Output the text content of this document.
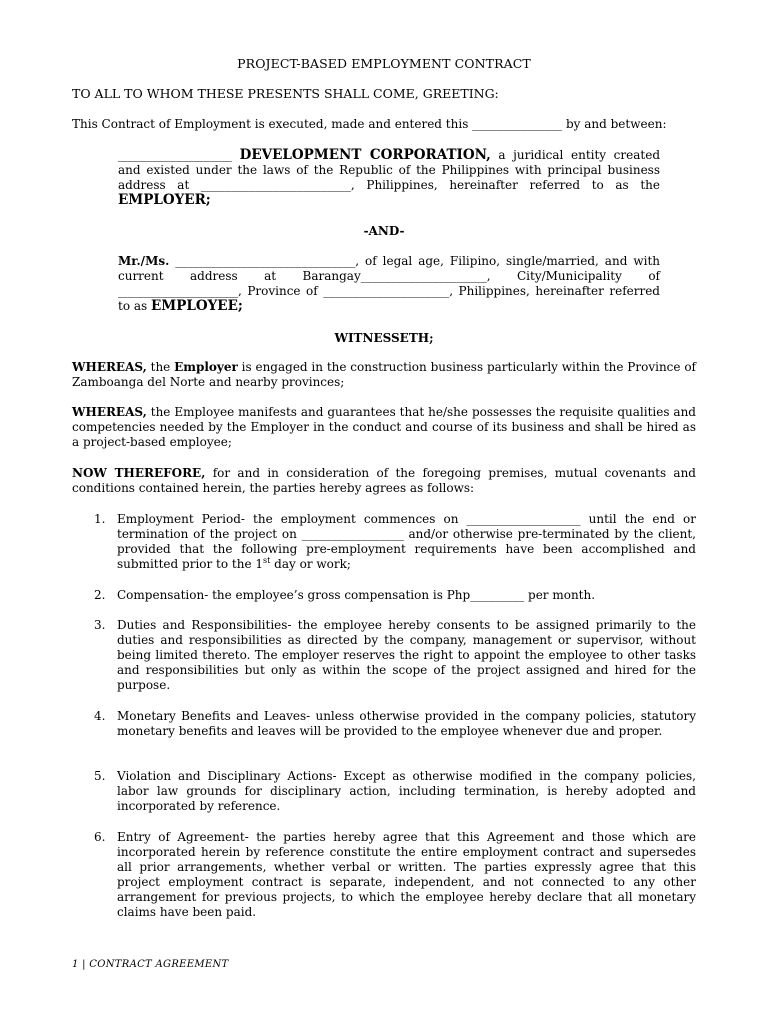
PROJECT-BASED EMPLOYMENT CONTRACT
TO ALL TO WHOM THESE PRESENTS SHALL COME, GREETING:
This Contract of Employment is executed, made and entered this _______________ by and between:
___________________ DEVELOPMENT CORPORATION, a juridical entity created and existed under the laws of the Republic of the Philippines with principal business address at _________________________, Philippines, hereinafter referred to as the EMPLOYER;
-AND-
Mr./Ms. ______________________________, of legal age, Filipino, single/married, and with current address at Barangay_____________________, City/Municipality of ____________________, Province of _____________________, Philippines, hereinafter referred to as EMPLOYEE;
WITNESSETH;
WHEREAS, the Employer is engaged in the construction business particularly within the Province of Zamboanga del Norte and nearby provinces;
WHEREAS, the Employee manifests and guarantees that he/she possesses the requisite qualities and competencies needed by the Employer in the conduct and course of its business and shall be hired as a project-based employee;
NOW THEREFORE, for and in consideration of the foregoing premises, mutual covenants and conditions contained herein, the parties hereby agrees as follows:
1. Employment Period- the employment commences on ___________________ until the end or termination of the project on _________________ and/or otherwise pre-terminated by the client, provided that the following pre-employment requirements have been accomplished and submitted prior to the 1st day or work;
2. Compensation- the employee’s gross compensation is Php_________ per month.
3. Duties and Responsibilities- the employee hereby consents to be assigned primarily to the duties and responsibilities as directed by the company, management or supervisor, without being limited thereto. The employer reserves the right to appoint the employee to other tasks and responsibilities but only as within the scope of the project assigned and hired for the purpose.
4. Monetary Benefits and Leaves- unless otherwise provided in the company policies, statutory monetary benefits and leaves will be provided to the employee whenever due and proper.
5. Violation and Disciplinary Actions- Except as otherwise modified in the company policies, labor law grounds for disciplinary action, including termination, is hereby adopted and incorporated by reference.
6. Entry of Agreement- the parties hereby agree that this Agreement and those which are incorporated herein by reference constitute the entire employment contract and supersedes all prior arrangements, whether verbal or written. The parties expressly agree that this project employment contract is separate, independent, and not connected to any other arrangement for previous projects, to which the employee hereby declare that all monetary claims have been paid.
1 | CONTRACT AGREEMENT
